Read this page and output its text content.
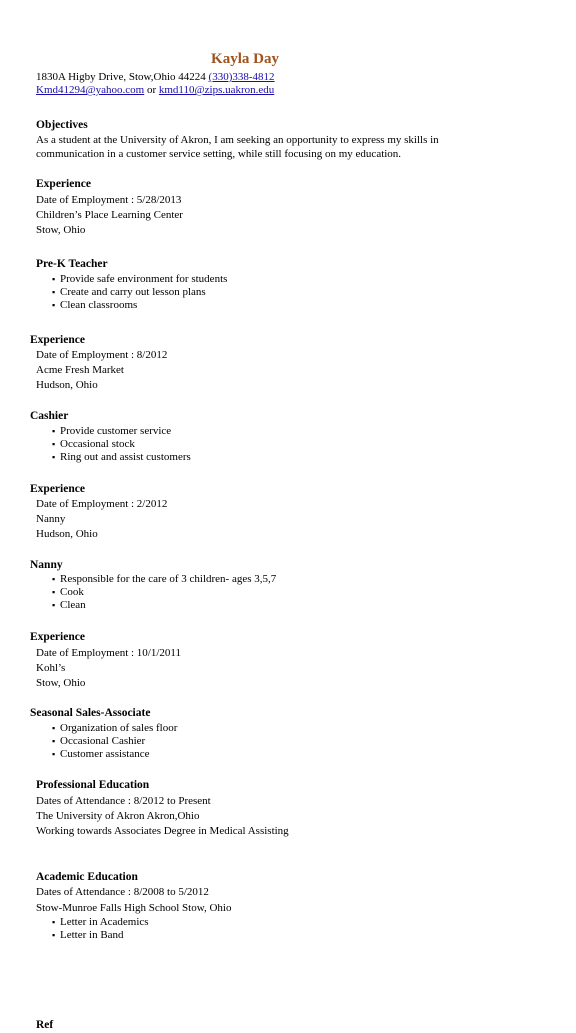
Kayla Day
1830A Higby Drive, Stow,Ohio 44224 (330)338-4812
Kmd41294@yahoo.com or kmd110@zips.uakron.edu
Objectives
As a student at the University of Akron, I am seeking an opportunity to express my skills in
communication in a customer service setting, while still focusing on my education.
Experience
Date of Employment : 5/28/2013
Children’s Place Learning Center
Stow, Ohio
Pre-K Teacher
▪ Provide safe environment for students
▪ Create and carry out lesson plans
▪ Clean classrooms
Experience
Date of Employment : 8/2012
Acme Fresh Market
Hudson, Ohio
Cashier
▪ Provide customer service
▪ Occasional stock
▪ Ring out and assist customers
Experience
Date of Employment : 2/2012
Nanny
Hudson, Ohio
Nanny
▪ Responsible for the care of 3 children- ages 3,5,7
▪ Cook
▪ Clean
Experience
Date of Employment : 10/1/2011
Kohl’s
Stow, Ohio
Seasonal Sales-Associate
▪ Organization of sales floor
▪ Occasional Cashier
▪ Customer assistance
Professional Education
Dates of Attendance : 8/2012 to Present
The University of Akron Akron,Ohio
Working towards Associates Degree in Medical Assisting
Academic Education
Dates of Attendance : 8/2008 to 5/2012
Stow-Munroe Falls High School Stow, Ohio
▪ Letter in Academics
▪ Letter in Band
Ref
